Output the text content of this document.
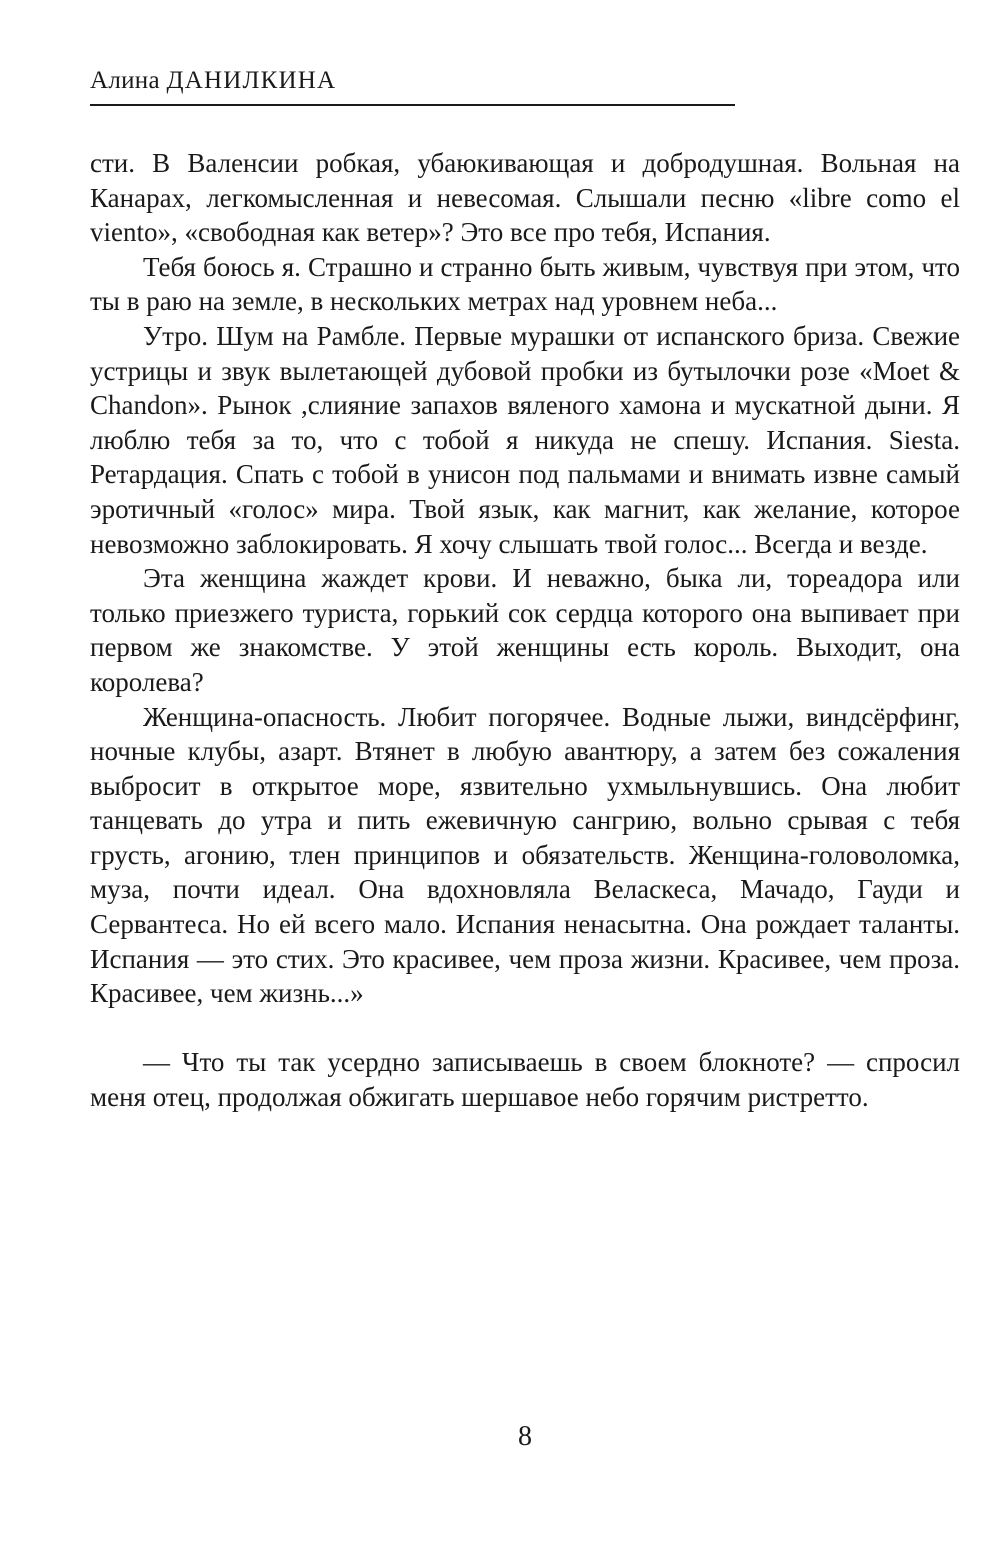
Алина ДАНИЛКИНА

сти. В Валенсии робкая, убаюкивающая и добродушная. Вольная на Канарах, легкомысленная и невесомая. Слышали песню «libre como el viento», «свободная как ветер»? Это все про тебя, Испания.

Тебя боюсь я. Страшно и странно быть живым, чувствуя при этом, что ты в раю на земле, в нескольких метрах над уровнем неба...

Утро. Шум на Рамбле. Первые мурашки от испанского бриза. Свежие устрицы и звук вылетающей дубовой пробки из бутылочки розе «Moet & Chandon». Рынок ,слияние запахов вяленого хамона и мускатной дыни. Я люблю тебя за то, что с тобой я никуда не спешу. Испания. Siesta. Ретардация. Спать с тобой в унисон под пальмами и внимать извне самый эротичный «голос» мира. Твой язык, как магнит, как желание, которое невозможно заблокировать. Я хочу слышать твой голос... Всегда и везде.

Эта женщина жаждет крови. И неважно, быка ли, тореадора или только приезжего туриста, горький сок сердца которого она выпивает при первом же знакомстве. У этой женщины есть король. Выходит, она королева?

Женщина-опасность. Любит погорячее. Водные лыжи, виндсёрфинг, ночные клубы, азарт. Втянет в любую авантюру, а затем без сожаления выбросит в открытое море, язвительно ухмыльнувшись. Она любит танцевать до утра и пить ежевичную сангрию, вольно срывая с тебя грусть, агонию, тлен принципов и обязательств. Женщина-головоломка, муза, почти идеал. Она вдохновляла Веласкеса, Мачадо, Гауди и Сервантеса. Но ей всего мало. Испания ненасытна. Она рождает таланты. Испания — это стих. Это красивее, чем проза жизни. Красивее, чем проза. Красивее, чем жизнь...»

— Что ты так усердно записываешь в своем блокноте? — спросил меня отец, продолжая обжигать шершавое небо горячим ристретто.

8
